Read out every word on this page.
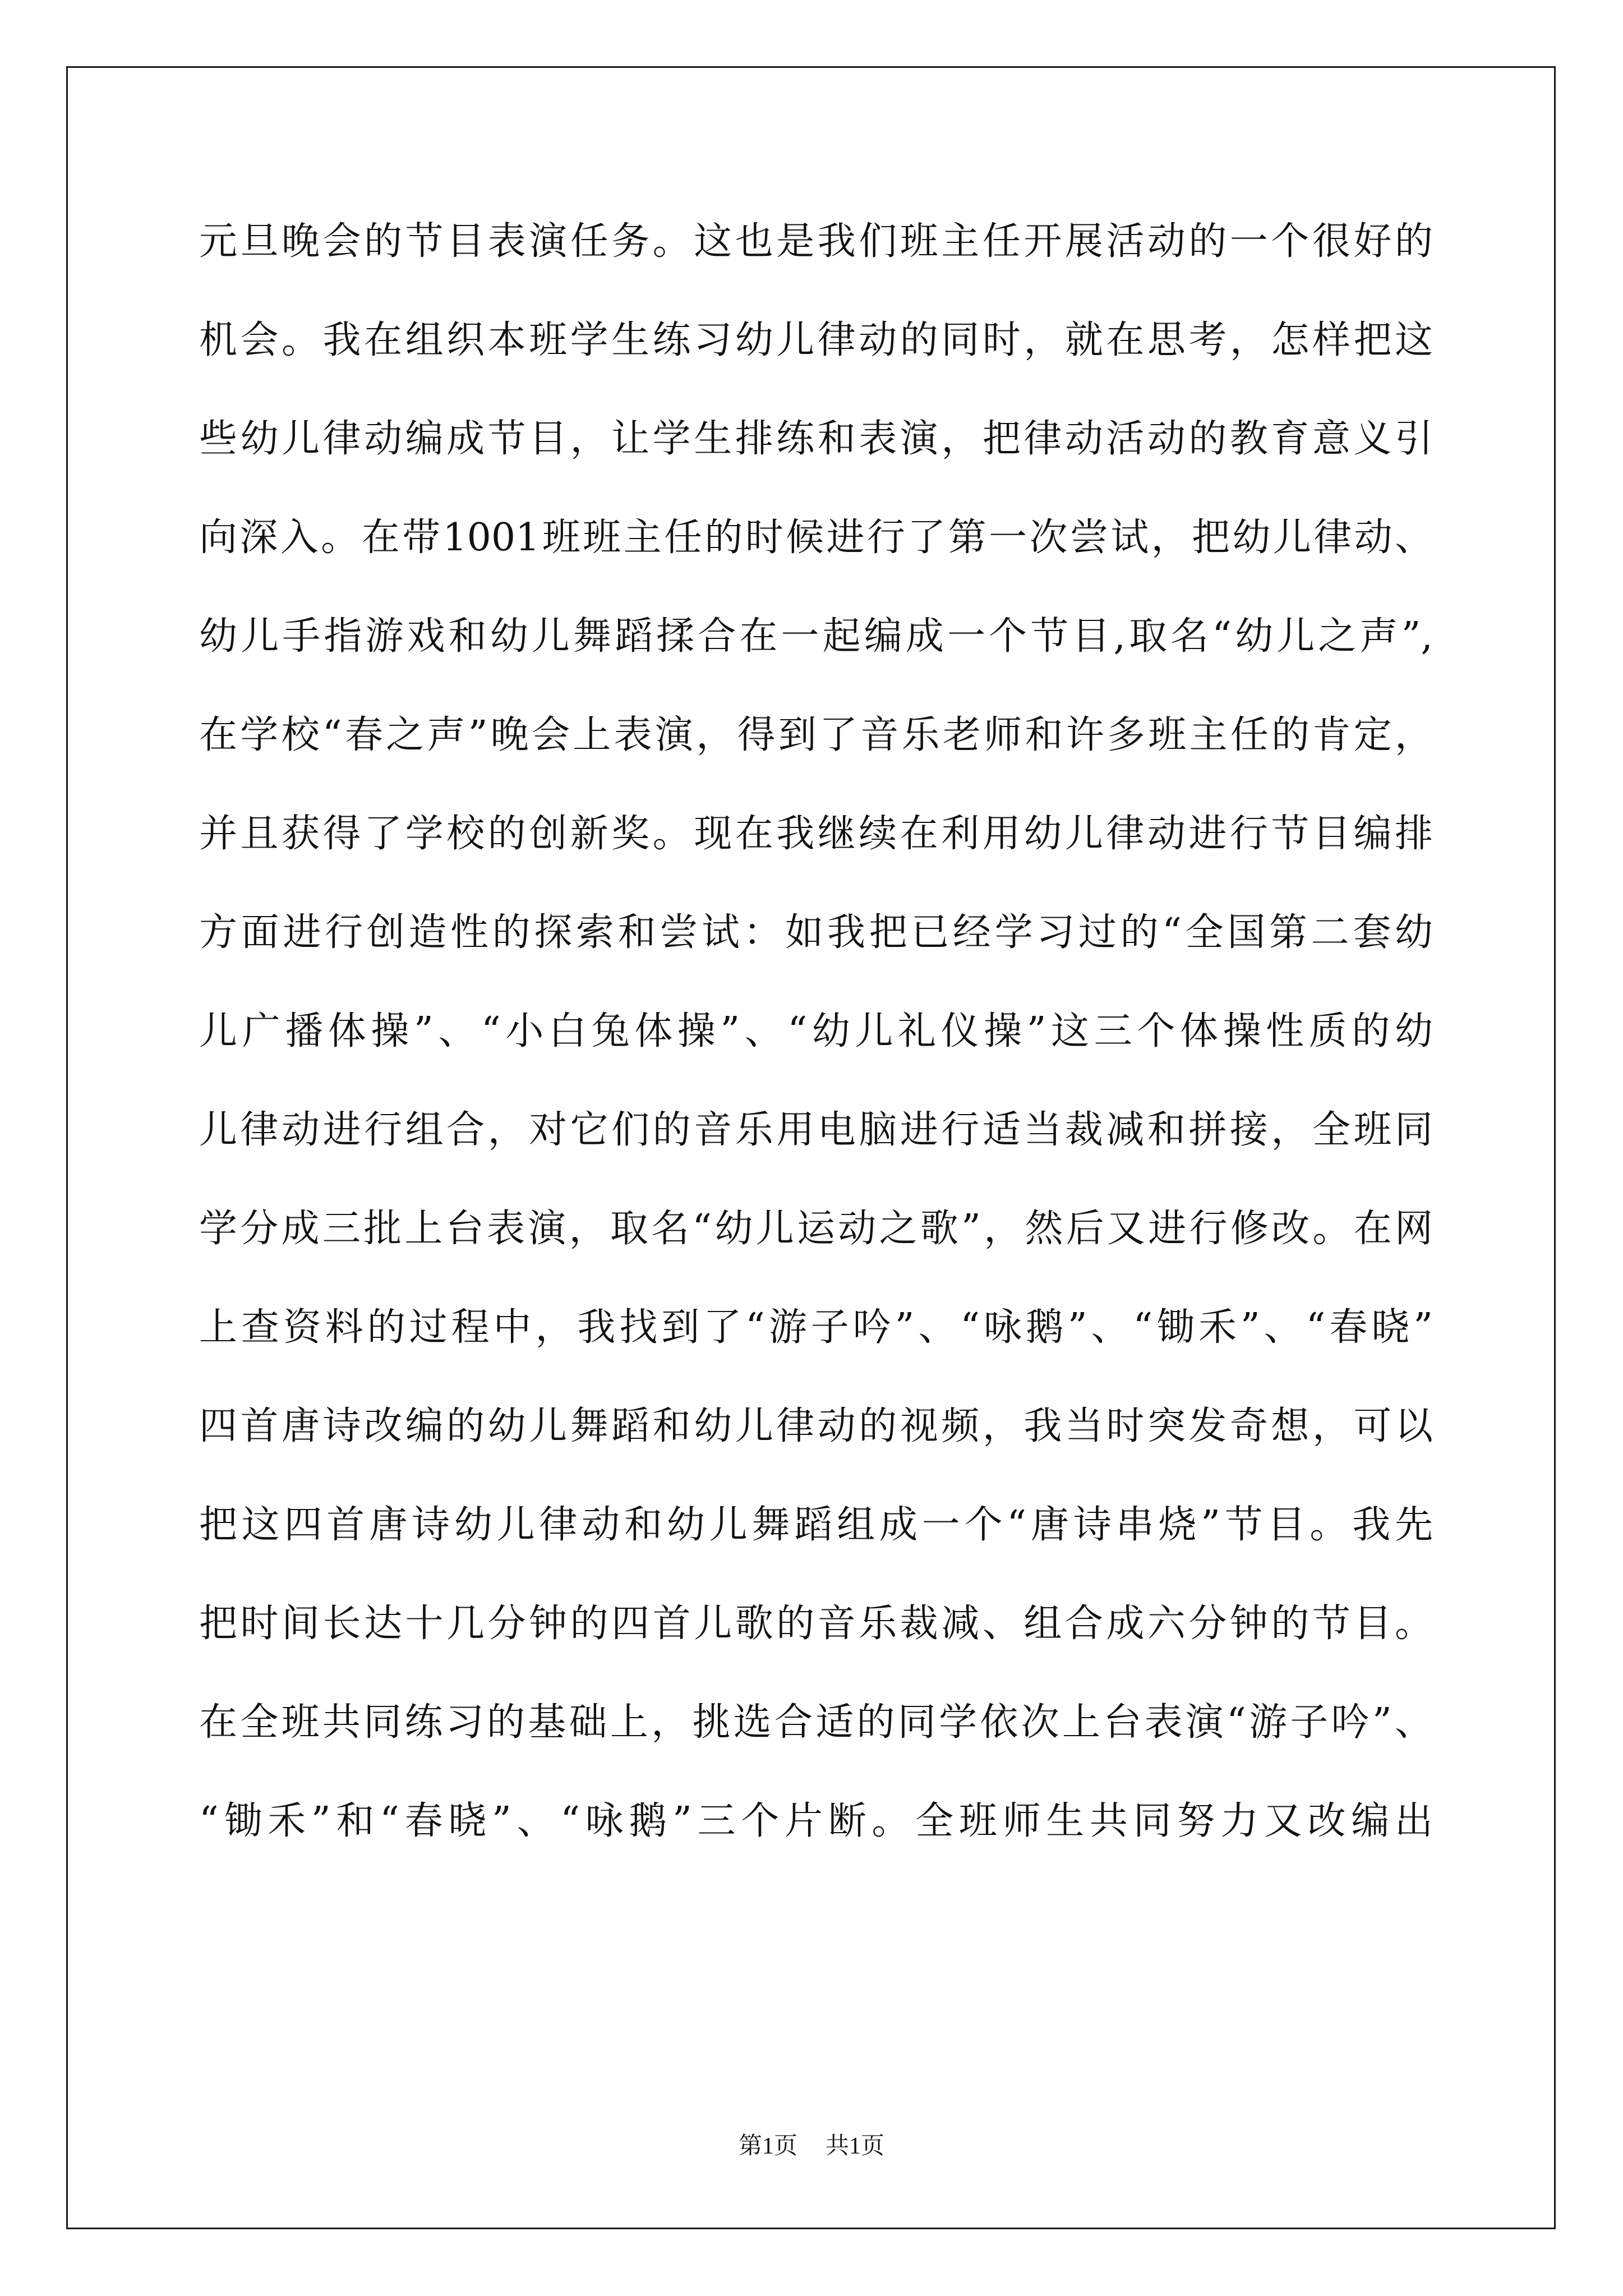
元旦晚会的节目表演任务。这也是我们班主任开展活动的一个很好的
机会。我在组织本班学生练习幼儿律动的同时，就在思考，怎样把这
些幼儿律动编成节目，让学生排练和表演，把律动活动的教育意义引
向深入。在带1001班班主任的时候进行了第一次尝试，把幼儿律动、
幼儿手指游戏和幼儿舞蹈揉合在一起编成一个节目,取名“幼儿之声”,
在学校“春之声”晚会上表演，得到了音乐老师和许多班主任的肯定，
并且获得了学校的创新奖。现在我继续在利用幼儿律动进行节目编排
方面进行创造性的探索和尝试：如我把已经学习过的“全国第二套幼
儿广播体操”、“小白兔体操”、“幼儿礼仪操”这三个体操性质的幼
儿律动进行组合，对它们的音乐用电脑进行适当裁减和拼接，全班同
学分成三批上台表演，取名“幼儿运动之歌”，然后又进行修改。在网
上查资料的过程中，我找到了“游子吟”、“咏鹅”、“锄禾”、“春晓”
四首唐诗改编的幼儿舞蹈和幼儿律动的视频，我当时突发奇想，可以
把这四首唐诗幼儿律动和幼儿舞蹈组成一个“唐诗串烧”节目。我先
把时间长达十几分钟的四首儿歌的音乐裁减、组合成六分钟的节目。
在全班共同练习的基础上，挑选合适的同学依次上台表演“游子吟”、
“锄禾”和“春晓”、“咏鹅”三个片断。全班师生共同努力又改编出
第1页 共1页
